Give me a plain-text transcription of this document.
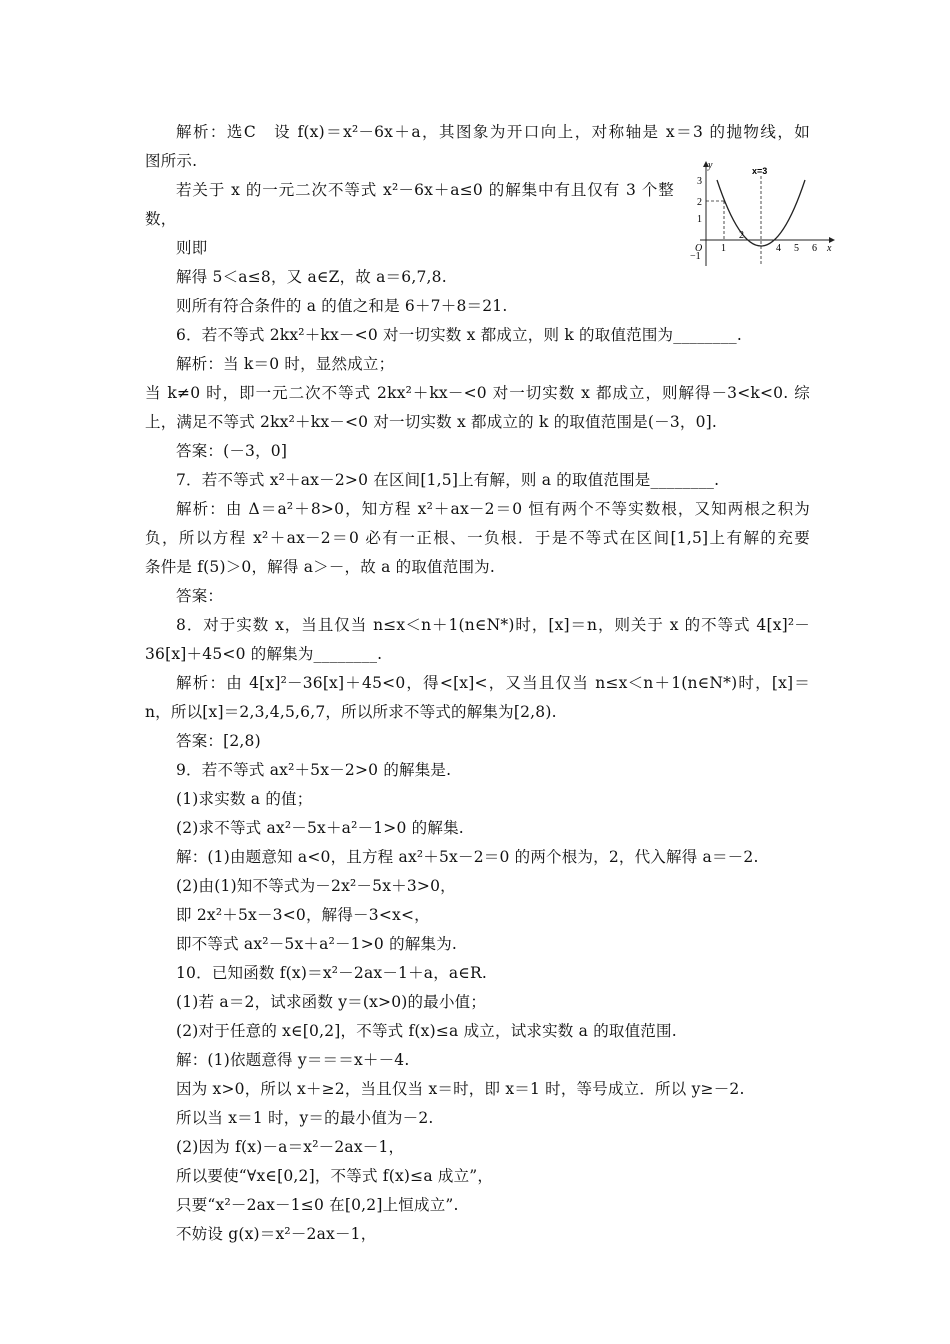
解析：选C　设 f(x)＝x²－6x＋a，其图象为开口向上，对称轴是 x＝3 的抛物线，如
图所示.
若关于 x 的一元二次不等式 x²－6x＋a≤0 的解集中有且仅有 3 个整
数，
则即
解得 5＜a≤8，又 a∈Z，故 a＝6,7,8.
则所有符合条件的 a 的值之和是 6＋7＋8＝21.
6．若不等式 2kx²＋kx－<0 对一切实数 x 都成立，则 k 的取值范围为________.
解析：当 k＝0 时，显然成立；
当 k≠0 时，即一元二次不等式 2kx²＋kx－<0 对一切实数 x 都成立，则解得－3<k<0. 综
上，满足不等式 2kx²＋kx－<0 对一切实数 x 都成立的 k 的取值范围是(－3，0].
答案：(－3，0]
7．若不等式 x²＋ax－2>0 在区间[1,5]上有解，则 a 的取值范围是________.
解析：由 Δ＝a²＋8>0，知方程 x²＋ax－2＝0 恒有两个不等实数根，又知两根之积为
负，所以方程 x²＋ax－2＝0 必有一正根、一负根．于是不等式在区间[1,5]上有解的充要
条件是 f(5)＞0，解得 a＞－，故 a 的取值范围为.
答案：
8．对于实数 x，当且仅当 n≤x＜n＋1(n∈N*)时，[x]＝n，则关于 x 的不等式 4[x]²－
36[x]＋45<0 的解集为________.
解析：由 4[x]²－36[x]＋45<0，得<[x]<，又当且仅当 n≤x＜n＋1(n∈N*)时，[x]＝
n，所以[x]＝2,3,4,5,6,7，所以所求不等式的解集为[2,8).
答案：[2,8)
9．若不等式 ax²＋5x－2>0 的解集是.
(1)求实数 a 的值；
(2)求不等式 ax²－5x＋a²－1>0 的解集.
解：(1)由题意知 a<0，且方程 ax²＋5x－2＝0 的两个根为，2，代入解得 a＝－2.
(2)由(1)知不等式为－2x²－5x＋3>0，
即 2x²＋5x－3<0，解得－3<x<，
即不等式 ax²－5x＋a²－1>0 的解集为.
10．已知函数 f(x)＝x²－2ax－1＋a，a∈R.
(1)若 a＝2，试求函数 y＝(x>0)的最小值；
(2)对于任意的 x∈[0,2]，不等式 f(x)≤a 成立，试求实数 a 的取值范围.
解：(1)依题意得 y＝＝＝x＋－4.
因为 x>0，所以 x＋≥2，当且仅当 x＝时，即 x＝1 时，等号成立．所以 y≥－2.
所以当 x＝1 时，y＝的最小值为－2.
(2)因为 f(x)－a＝x²－2ax－1，
所以要使“∀x∈[0,2]，不等式 f(x)≤a 成立”，
只要“x²－2ax－1≤0 在[0,2]上恒成立”.
不妨设 g(x)＝x²－2ax－1，
y
x
O
x=3
3
2
1
−1
1
2
4 5 6
